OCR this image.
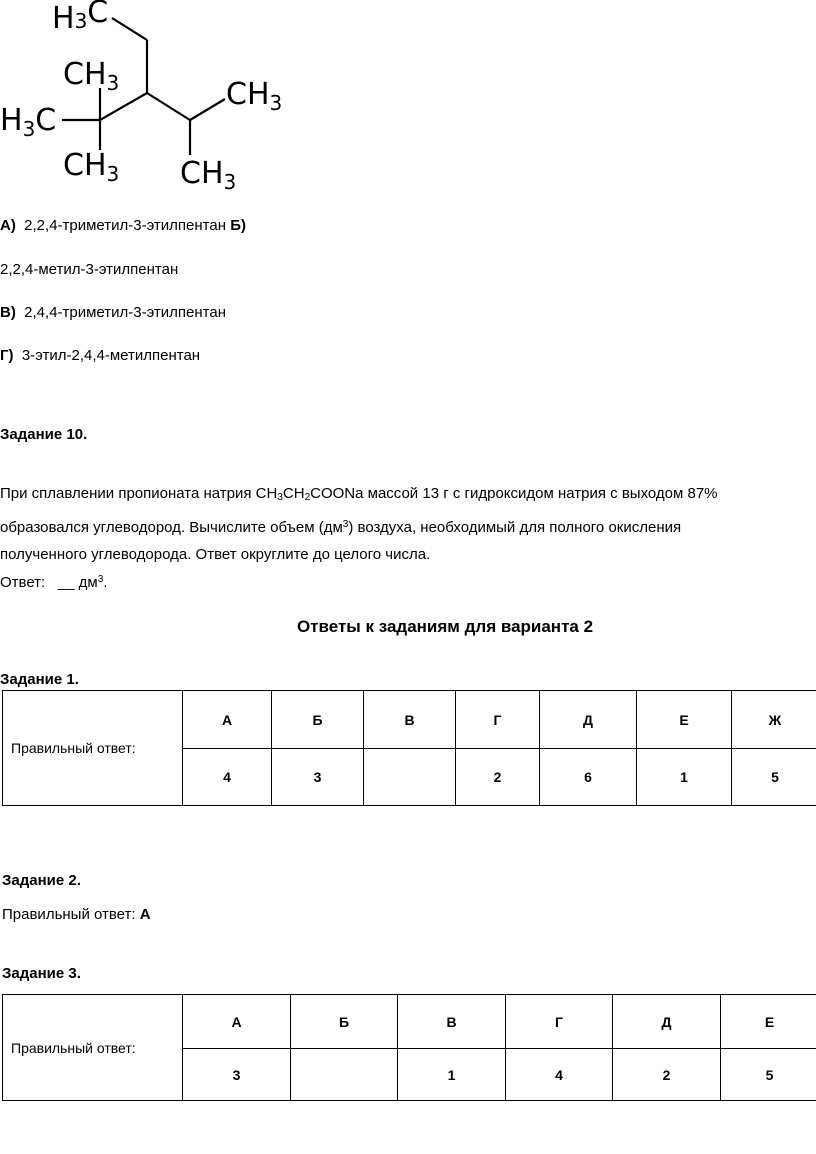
H3C
$CH_3$
$H_3C$
$CH_3$
$CH_3$
$CH_3$
А) 2,2,4-триметил-3-этилпентан Б)
2,2,4-метил-3-этилпентан
В) 2,4,4-триметил-3-этилпентан
Г) 3-этил-2,4,4-метилпентан
Задание 10.
При сплавлении пропионата натрия $CH_3CH_2COONa$ массой 13 г с гидроксидом натрия с выходом 87%
образовался углеводород. Вычислите объем $(дм^3)$ воздуха, необходимый для полного окисления
полученного углеводорода. Ответ округлите до целого числа.
Ответ: __ $дм^3$.
Ответы к заданиям для варианта 2
Задание 1.
Правильный ответ:	А	Б	В	Г	Д	Е	Ж
	4	3		2	6	1	5
Задание 2.
Правильный ответ: А
Задание 3.
Правильный ответ:	А	Б	В	Г	Д	Е
	3		1	4	2	5
